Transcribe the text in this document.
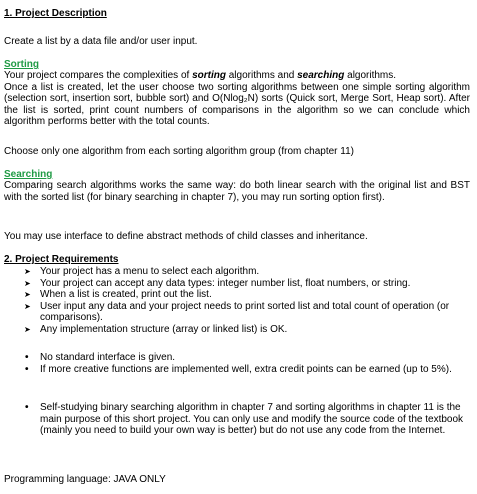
1. Project Description
Create a list by a data file and/or user input.
Sorting
Your project compares the complexities of sorting algorithms and searching algorithms.
Once a list is created, let the user choose two sorting algorithms between one simple sorting algorithm (selection sort, insertion sort, bubble sort) and O(Nlog₂N) sorts (Quick sort, Merge Sort, Heap sort). After the list is sorted, print count numbers of comparisons in the algorithm so we can conclude which algorithm performs better with the total counts.
Choose only one algorithm from each sorting algorithm group (from chapter 11)
Searching
Comparing search algorithms works the same way: do both linear search with the original list and BST with the sorted list (for binary searching in chapter 7), you may run sorting option first).
You may use interface to define abstract methods of child classes and inheritance.
2. Project Requirements
➤ Your project has a menu to select each algorithm.
➤ Your project can accept any data types: integer number list, float numbers, or string.
➤ When a list is created, print out the list.
➤ User input any data and your project needs to print sorted list and total count of operation (or comparisons).
➤ Any implementation structure (array or linked list) is OK.
• No standard interface is given.
• If more creative functions are implemented well, extra credit points can be earned (up to 5%).
• Self-studying binary searching algorithm in chapter 7 and sorting algorithms in chapter 11 is the main purpose of this short project. You can only use and modify the source code of the textbook (mainly you need to build your own way is better) but do not use any code from the Internet.
Programming language: JAVA ONLY
